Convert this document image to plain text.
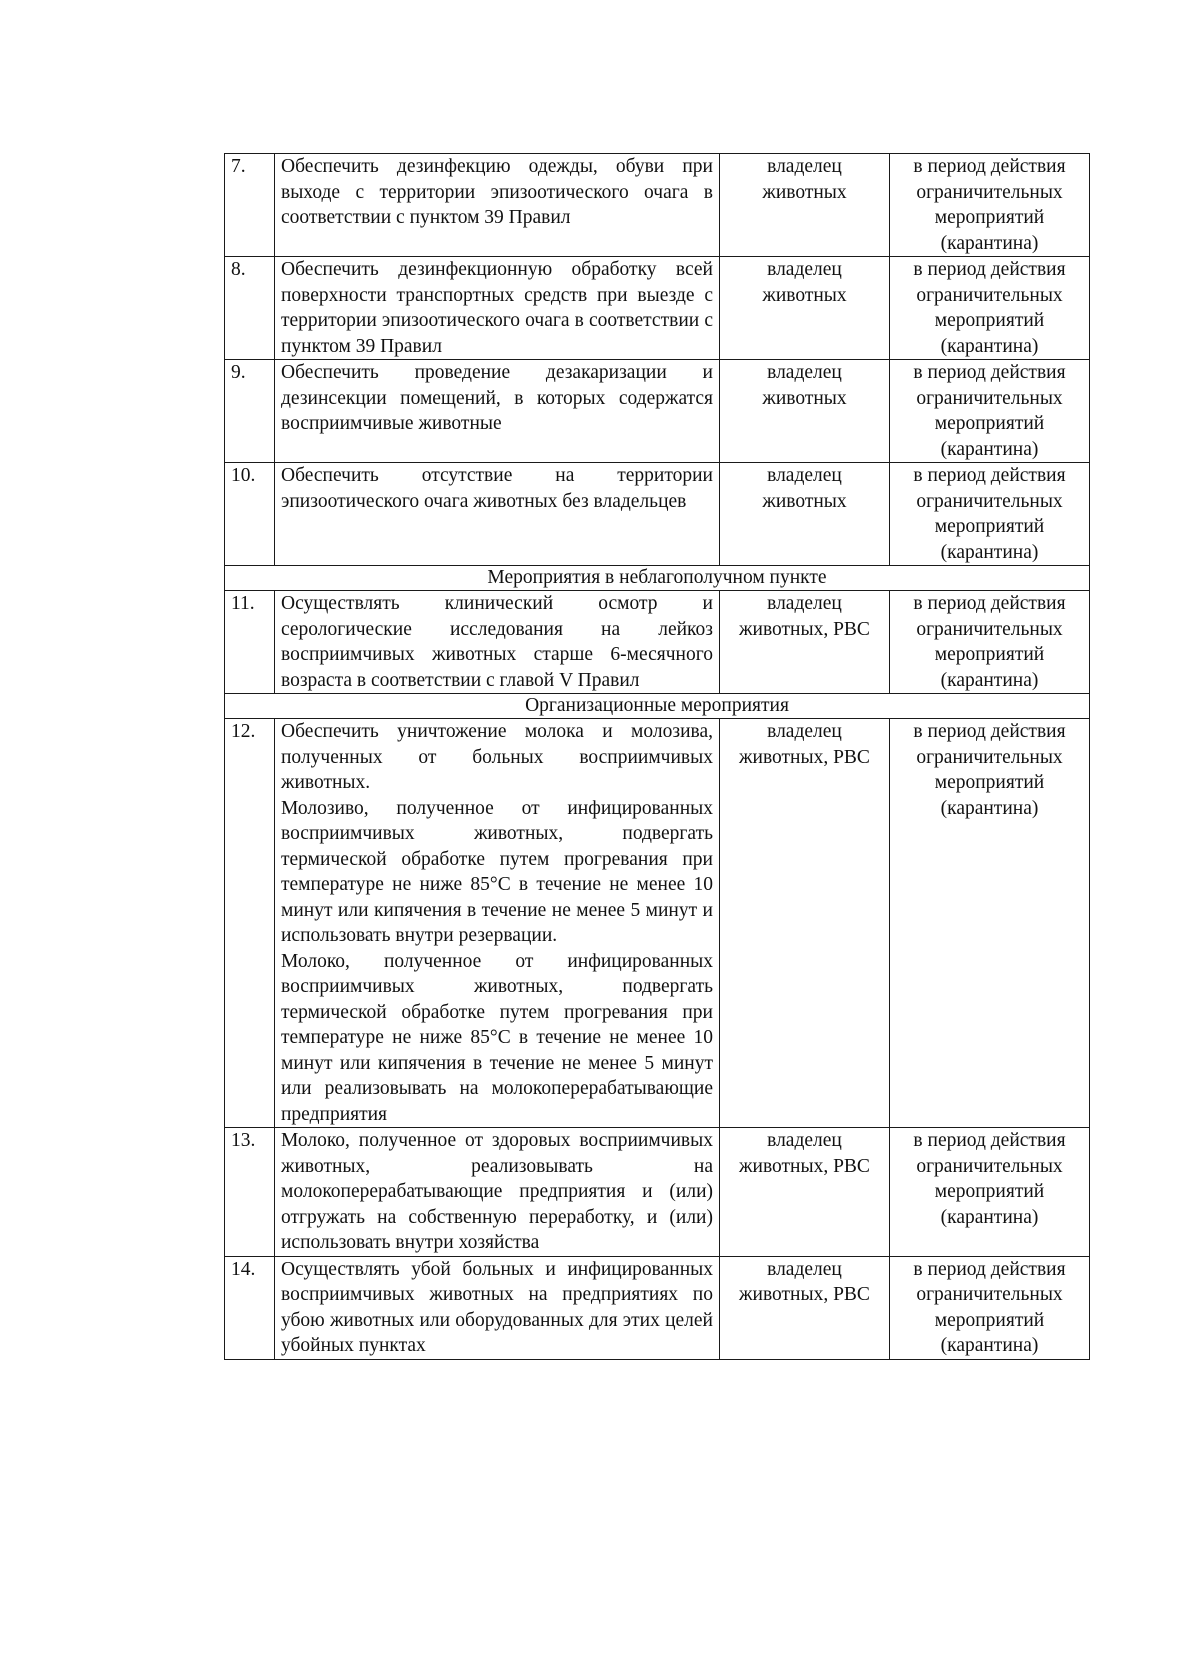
7.	Обеспечить дезинфекцию одежды, обуви при выходе с территории эпизоотического очага в соответствии с пунктом 39 Правил	владелец животных	в период действия ограничительных мероприятий (карантина)
8.	Обеспечить дезинфекционную обработку всей поверхности транспортных средств при выезде с территории эпизоотического очага в соответствии с пунктом 39 Правил	владелец животных	в период действия ограничительных мероприятий (карантина)
9.	Обеспечить проведение дезакаризации и дезинсекции помещений, в которых содержатся восприимчивые животные	владелец животных	в период действия ограничительных мероприятий (карантина)
10.	Обеспечить отсутствие на территории эпизоотического очага животных без владельцев	владелец животных	в период действия ограничительных мероприятий (карантина)
Мероприятия в неблагополучном пункте			
11.	Осуществлять клинический осмотр и серологические исследования на лейкоз восприимчивых животных старше 6-месячного возраста в соответствии с главой V Правил	владелец животных, РВС	в период действия ограничительных мероприятий (карантина)
Организационные мероприятия			
12.	Обеспечить уничтожение молока и молозива, полученных от больных восприимчивых животных.

Молозиво, полученное от инфицированных восприимчивых животных, подвергать термической обработке путем прогревания при температуре не ниже 85°С в течение не менее 10 минут или кипячения в течение не менее 5 минут и использовать внутри резервации.

Молоко, полученное от инфицированных восприимчивых животных, подвергать термической обработке путем прогревания при температуре не ниже 85°С в течение не менее 10 минут или кипячения в течение не менее 5 минут или реализовывать на молокоперерабатывающие предприятия	владелец животных, РВС	в период действия ограничительных мероприятий (карантина)
13.	Молоко, полученное от здоровых восприимчивых животных, реализовывать на молокоперерабатывающие предприятия и (или) отгружать на собственную переработку, и (или) использовать внутри хозяйства	владелец животных, РВС	в период действия ограничительных мероприятий (карантина)
14.	Осуществлять убой больных и инфицированных восприимчивых животных на предприятиях по убою животных или оборудованных для этих целей убойных пунктах	владелец животных, РВС	в период действия ограничительных мероприятий (карантина)
